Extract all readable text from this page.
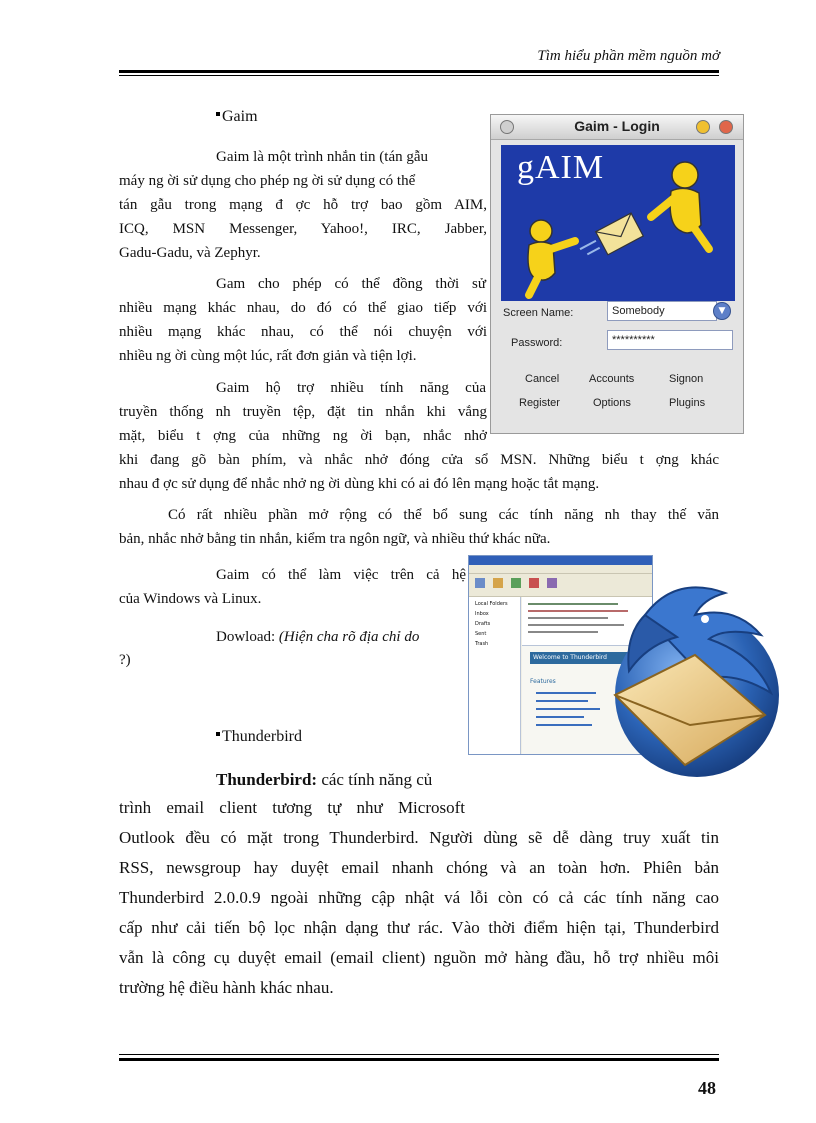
Tìm hiểu phần mềm nguồn mở
Gaim
Gaim là một trình nhắn tin (tán gẫu
máy ng ời sử dụng cho phép ng ời sử dụng có thể
tán gẫu trong mạng đ ợc hỗ trợ bao gồm AIM,
ICQ, MSN Messenger, Yahoo!, IRC, Jabber,
Gadu-Gadu, và Zephyr.
Gam cho phép có thể đồng thời sử
nhiều mạng khác nhau, do đó có thể giao tiếp với
nhiều mạng khác nhau, có thể nói chuyện với
nhiều ng ời cùng một lúc, rất đơn giản và tiện lợi.
Gaim hộ trợ nhiều tính năng của
truyền thống nh truyền tệp, đặt tin nhắn khi vắng
mặt, biểu t ợng của những ng ời bạn, nhắc nhở
khi đang gõ bàn phím, và nhắc nhở đóng cửa sổ MSN. Những biểu t ợng khác
nhau đ ợc sử dụng để nhắc nhở ng ời dùng khi có ai đó lên mạng hoặc tắt mạng.
Có rất nhiều phần mở rộng có thể bổ sung các tính năng nh thay thế văn
bản, nhắc nhở bằng tin nhắn, kiểm tra ngôn ngữ, và nhiều thứ khác nữa.
Gaim có thể làm việc trên cả hệ
của Windows và Linux.
Dowload: (Hiện cha rõ địa chỉ do
?)
Gaim - Login
gAIM
Screen Name:	Somebody	▼
Password:	**********
Cancel	Accounts	Signon
Register	Options	Plugins
Thunderbird
Thunderbird: các tính năng củ
trình email client tương tự như Microsoft
Outlook đều có mặt trong Thunderbird. Người dùng sẽ dễ dàng truy xuất tin
RSS, newsgroup hay duyệt email nhanh chóng và an toàn hơn. Phiên bản
Thunderbird 2.0.0.9 ngoài những cập nhật vá lỗi còn có cả các tính năng cao
cấp như cải tiến bộ lọc nhận dạng thư rác. Vào thời điểm hiện tại, Thunderbird
vẫn là công cụ duyệt email (email client) nguồn mở hàng đầu, hỗ trợ nhiều môi
trường hệ điều hành khác nhau.
Local Folders
Inbox
Drafts
Sent
Trash
Welcome to Thunderbird
Features
48
